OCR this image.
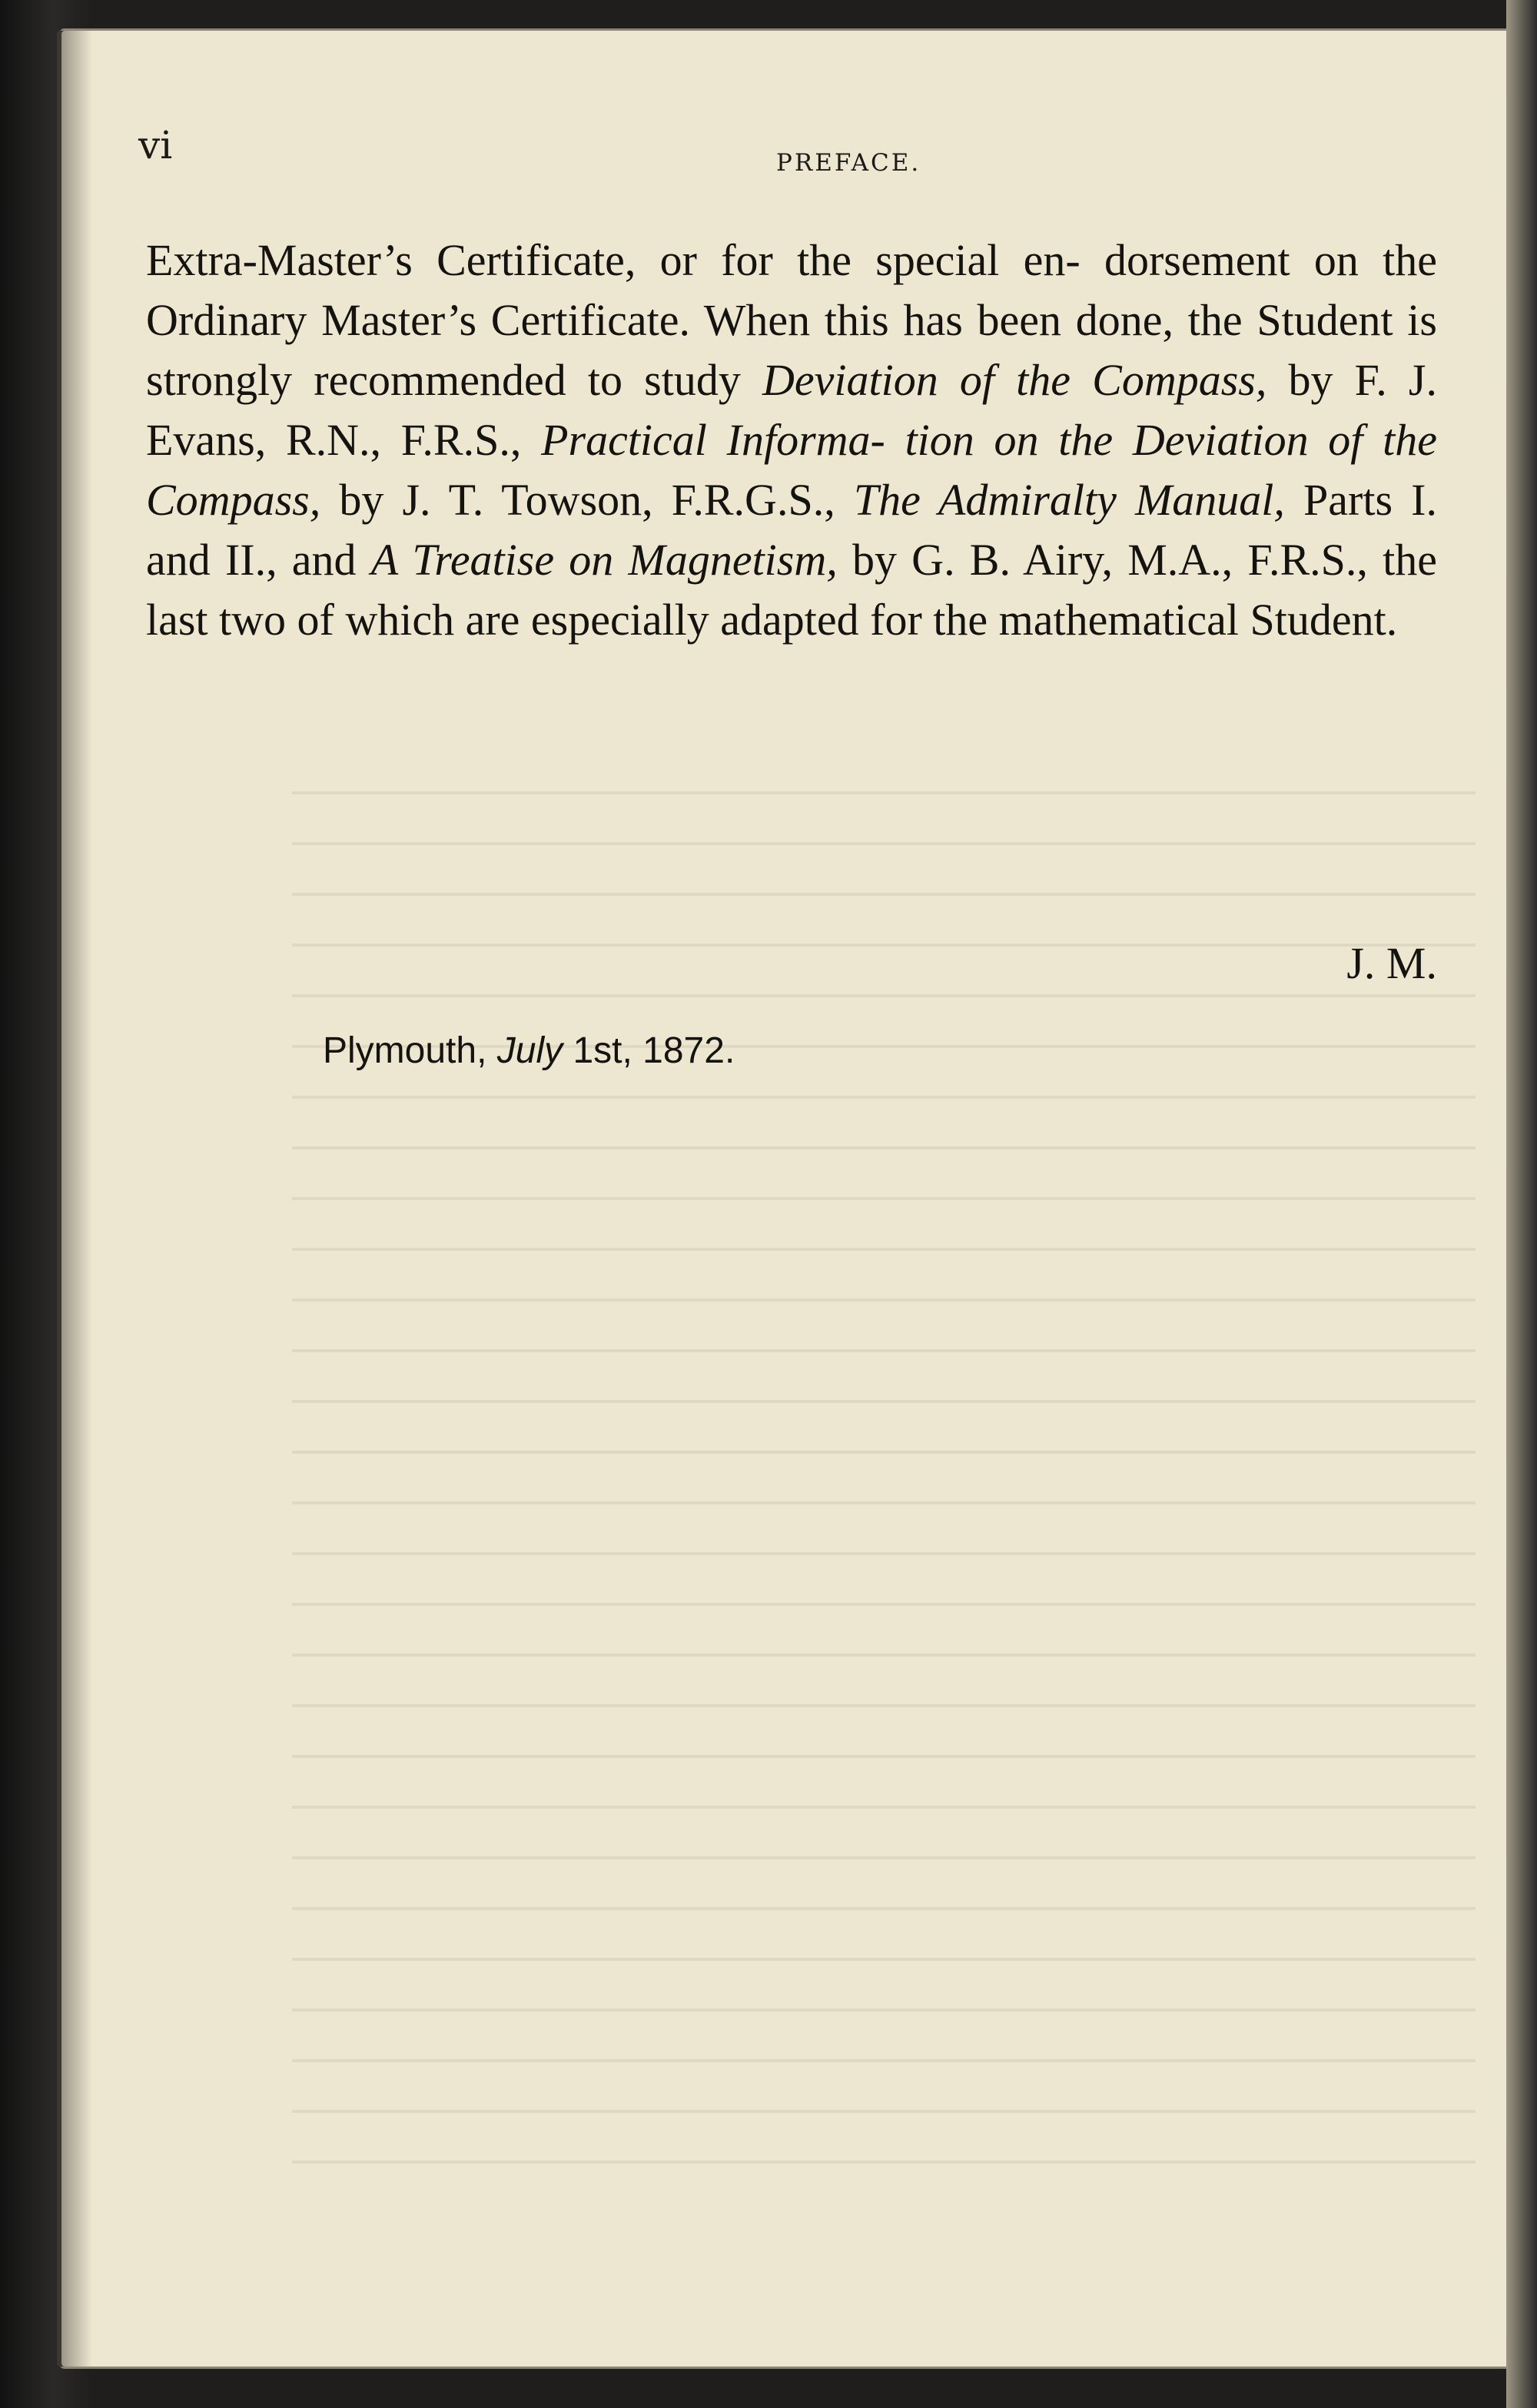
vi	PREFACE.
Extra-Master’s Certificate, or for the special en- dorsement on the Ordinary Master’s Certificate. When this has been done, the Student is strongly recommended to study Deviation of the Compass, by F. J. Evans, R.N., F.R.S., Practical Informa- tion on the Deviation of the Compass, by J. T. Towson, F.R.G.S., The Admiralty Manual, Parts I. and II., and A Treatise on Magnetism, by G. B. Airy, M.A., F.R.S., the last two of which are especially adapted for the mathematical Student.
J. M.
Plymouth, July 1st, 1872.
